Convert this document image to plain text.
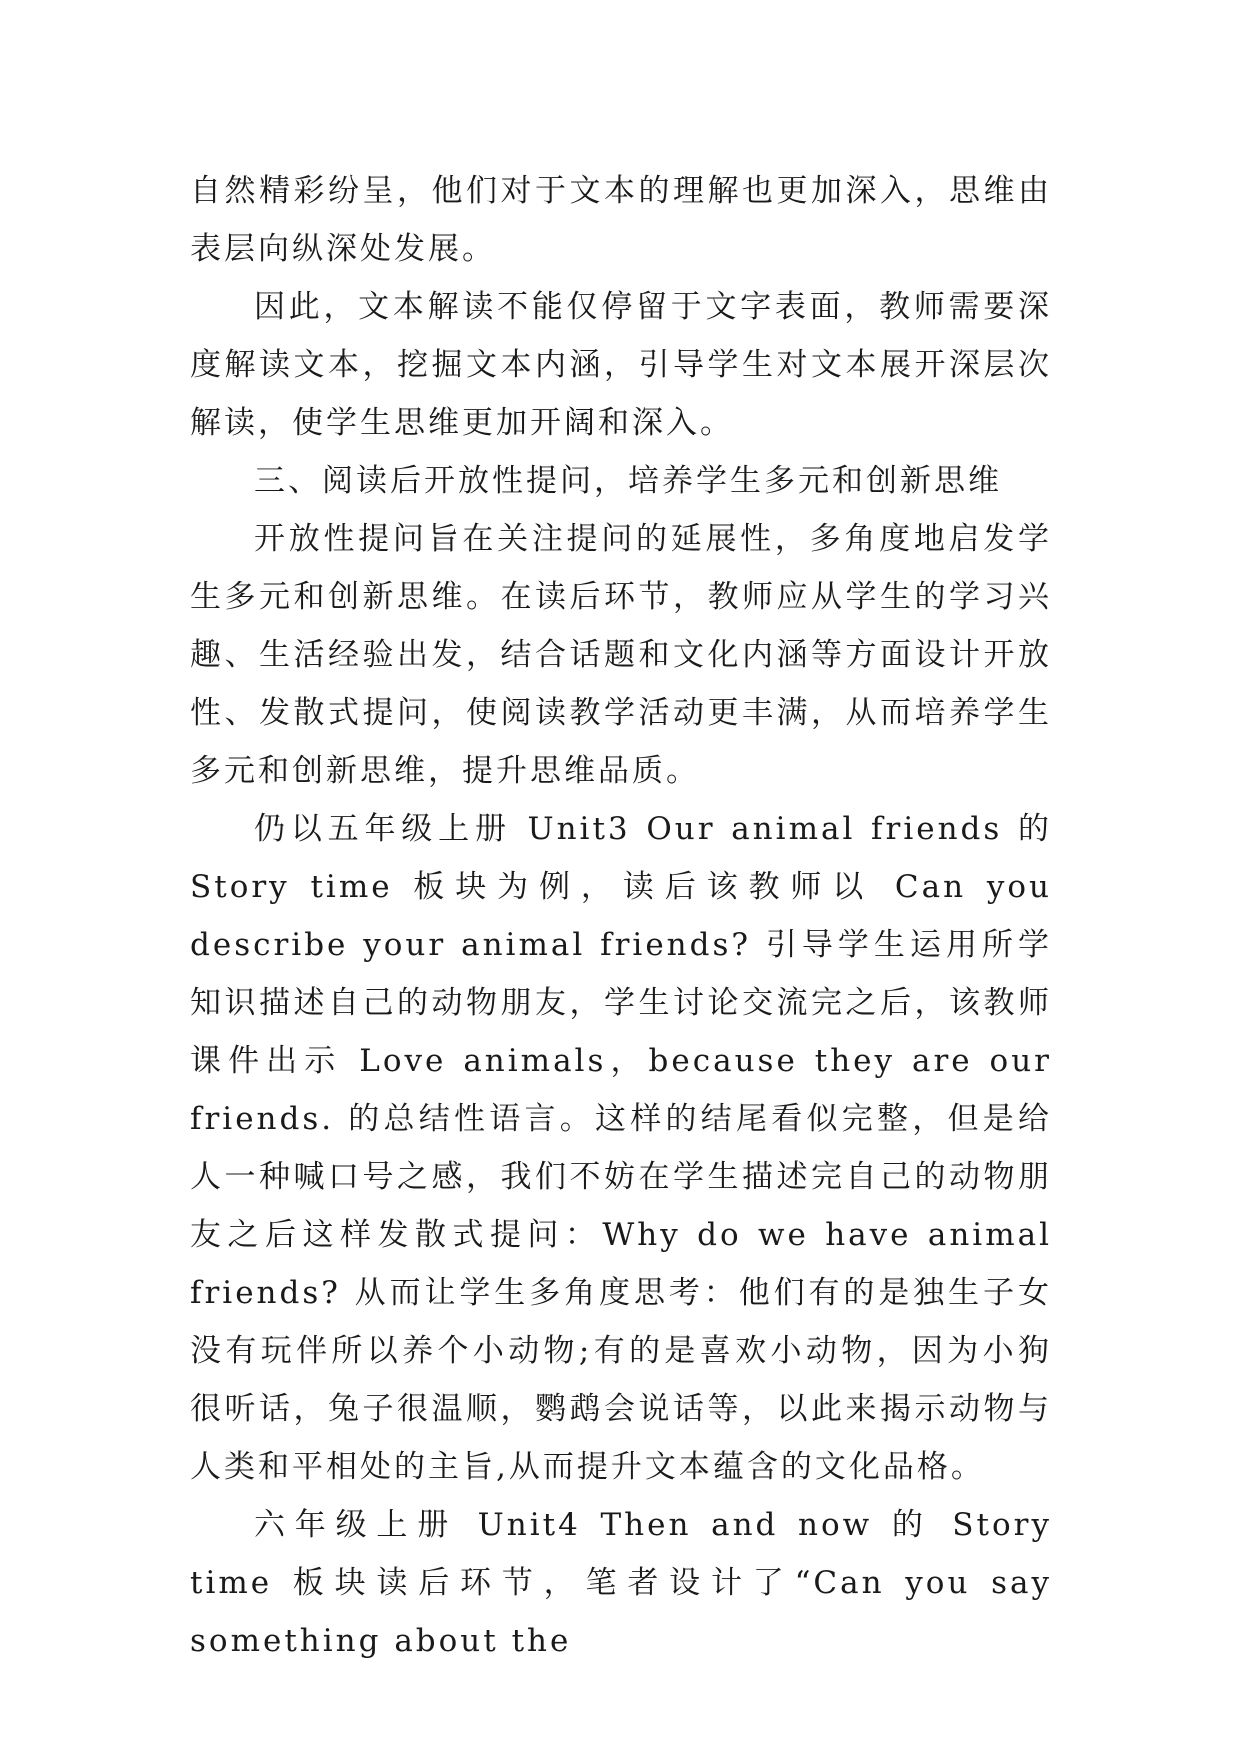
自然精彩纷呈，他们对于文本的理解也更加深入，思维由表层向纵深处发展。

因此，文本解读不能仅停留于文字表面，教师需要深度解读文本，挖掘文本内涵，引导学生对文本展开深层次解读，使学生思维更加开阔和深入。

三、阅读后开放性提问，培养学生多元和创新思维

开放性提问旨在关注提问的延展性，多角度地启发学生多元和创新思维。在读后环节，教师应从学生的学习兴趣、生活经验出发，结合话题和文化内涵等方面设计开放性、发散式提问，使阅读教学活动更丰满，从而培养学生多元和创新思维，提升思维品质。

仍以五年级上册 Unit3 Our animal friends 的 Story time 板块为例，读后该教师以 Can you describe your animal friends? 引导学生运用所学知识描述自己的动物朋友，学生讨论交流完之后，该教师课件出示 Love animals，because they are our friends. 的总结性语言。这样的结尾看似完整，但是给人一种喊口号之感，我们不妨在学生描述完自己的动物朋友之后这样发散式提问：Why do we have animal friends? 从而让学生多角度思考：他们有的是独生子女没有玩伴所以养个小动物;有的是喜欢小动物，因为小狗很听话，兔子很温顺，鹦鹉会说话等，以此来揭示动物与人类和平相处的主旨,从而提升文本蕴含的文化品格。

六年级上册 Unit4 Then and now 的 Story time 板块读后环节，笔者设计了“Can you say something about the
